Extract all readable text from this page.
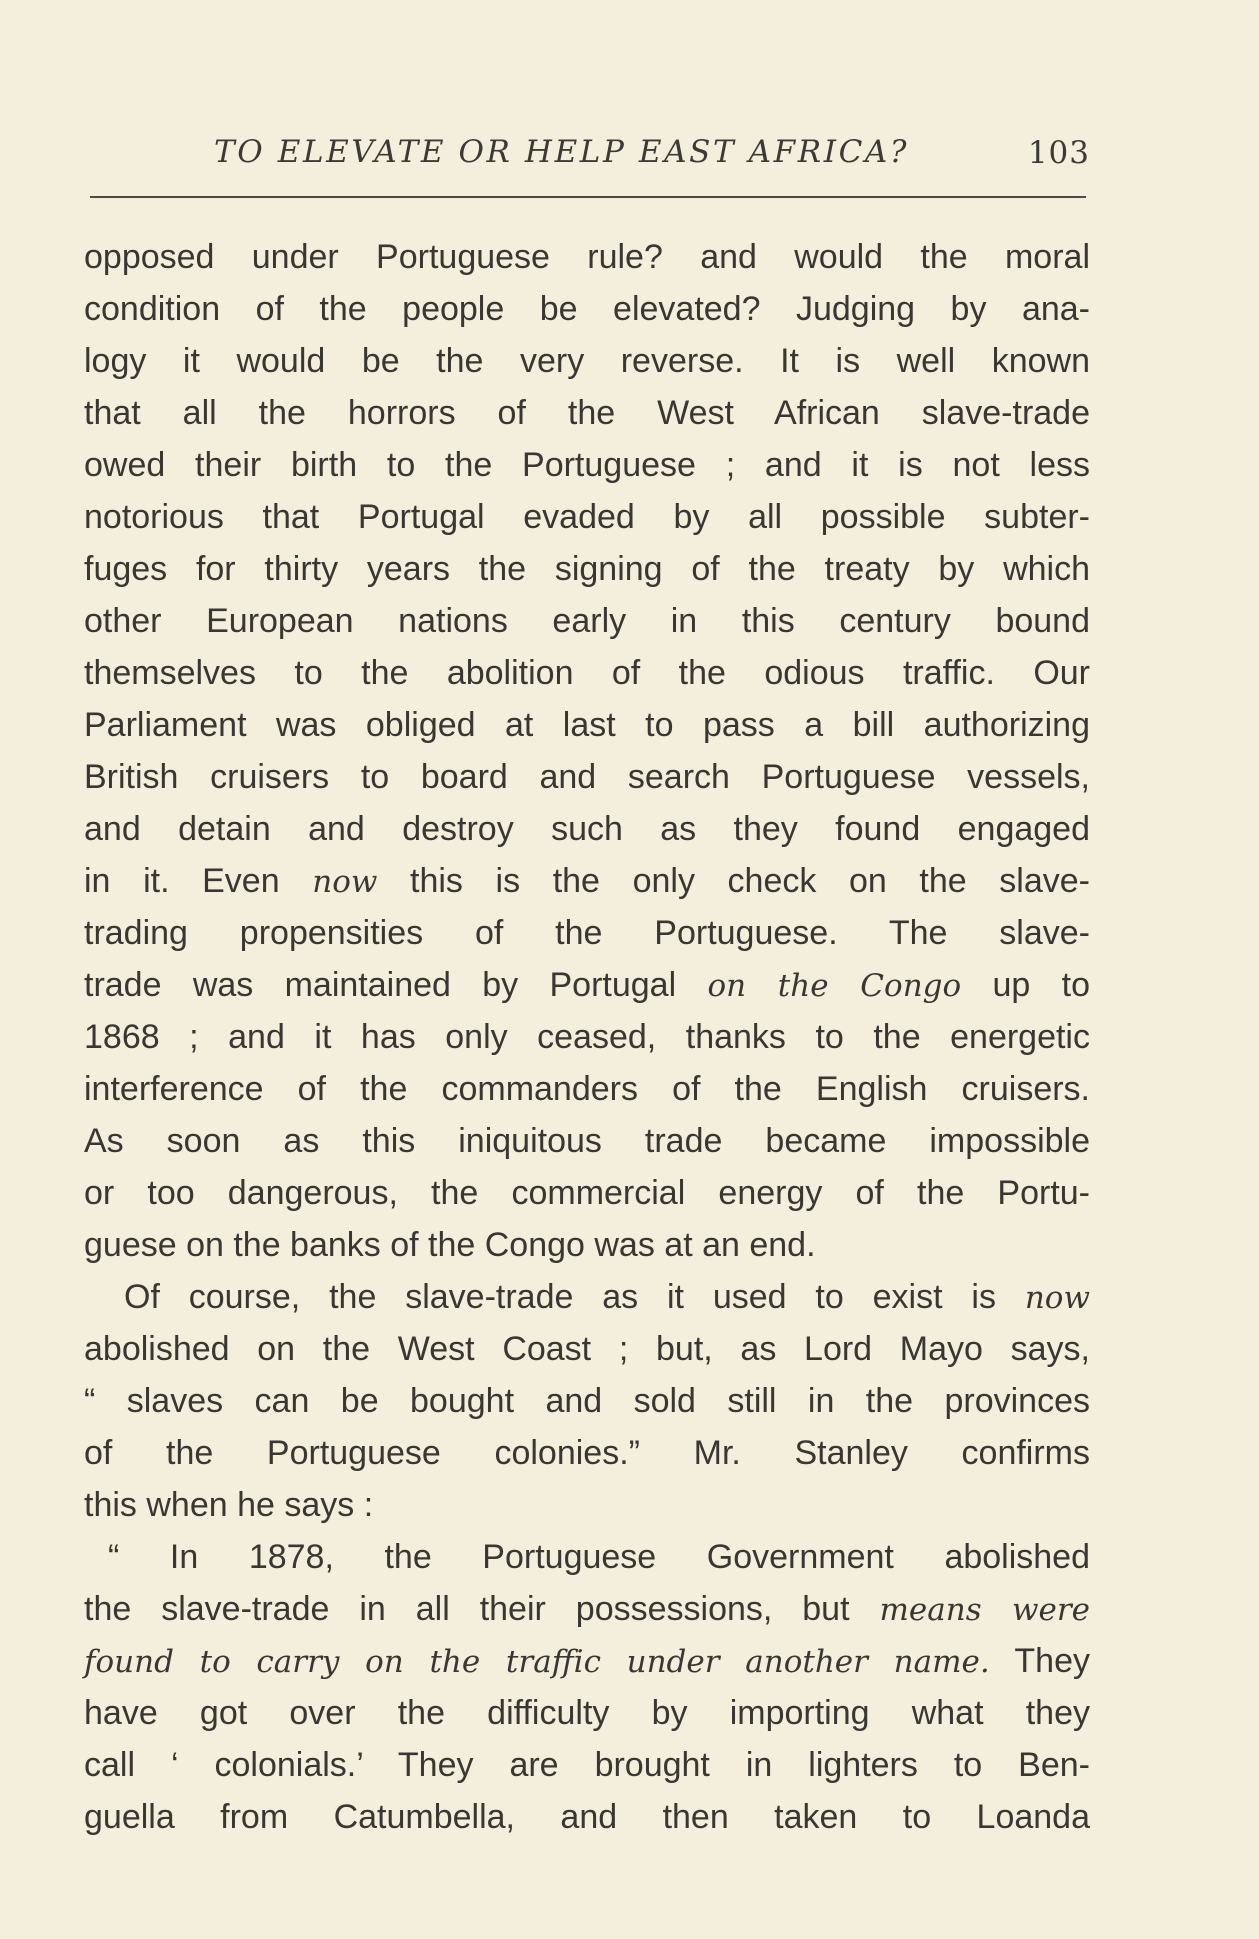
TO ELEVATE OR HELP EAST AFRICA?	103
opposed under Portuguese rule? and would the moral
condition of the people be elevated? Judging by ana-
logy it would be the very reverse. It is well known
that all the horrors of the West African slave-trade
owed their birth to the Portuguese ; and it is not less
notorious that Portugal evaded by all possible subter-
fuges for thirty years the signing of the treaty by which
other European nations early in this century bound
themselves to the abolition of the odious traffic. Our
Parliament was obliged at last to pass a bill authorizing
British cruisers to board and search Portuguese vessels,
and detain and destroy such as they found engaged
in it. Even now this is the only check on the slave-
trading propensities of the Portuguese. The slave-
trade was maintained by Portugal on the Congo up to
1868 ; and it has only ceased, thanks to the energetic
interference of the commanders of the English cruisers.
As soon as this iniquitous trade became impossible
or too dangerous, the commercial energy of the Portu-
guese on the banks of the Congo was at an end.
Of course, the slave-trade as it used to exist is now
abolished on the West Coast ; but, as Lord Mayo says,
“ slaves can be bought and sold still in the provinces
of the Portuguese colonies.” Mr. Stanley confirms
this when he says :
“ In 1878, the Portuguese Government abolished
the slave-trade in all their possessions, but means were
found to carry on the traffic under another name. They
have got over the difficulty by importing what they
call ‘ colonials.’ They are brought in lighters to Ben-
guella from Catumbella, and then taken to Loanda
